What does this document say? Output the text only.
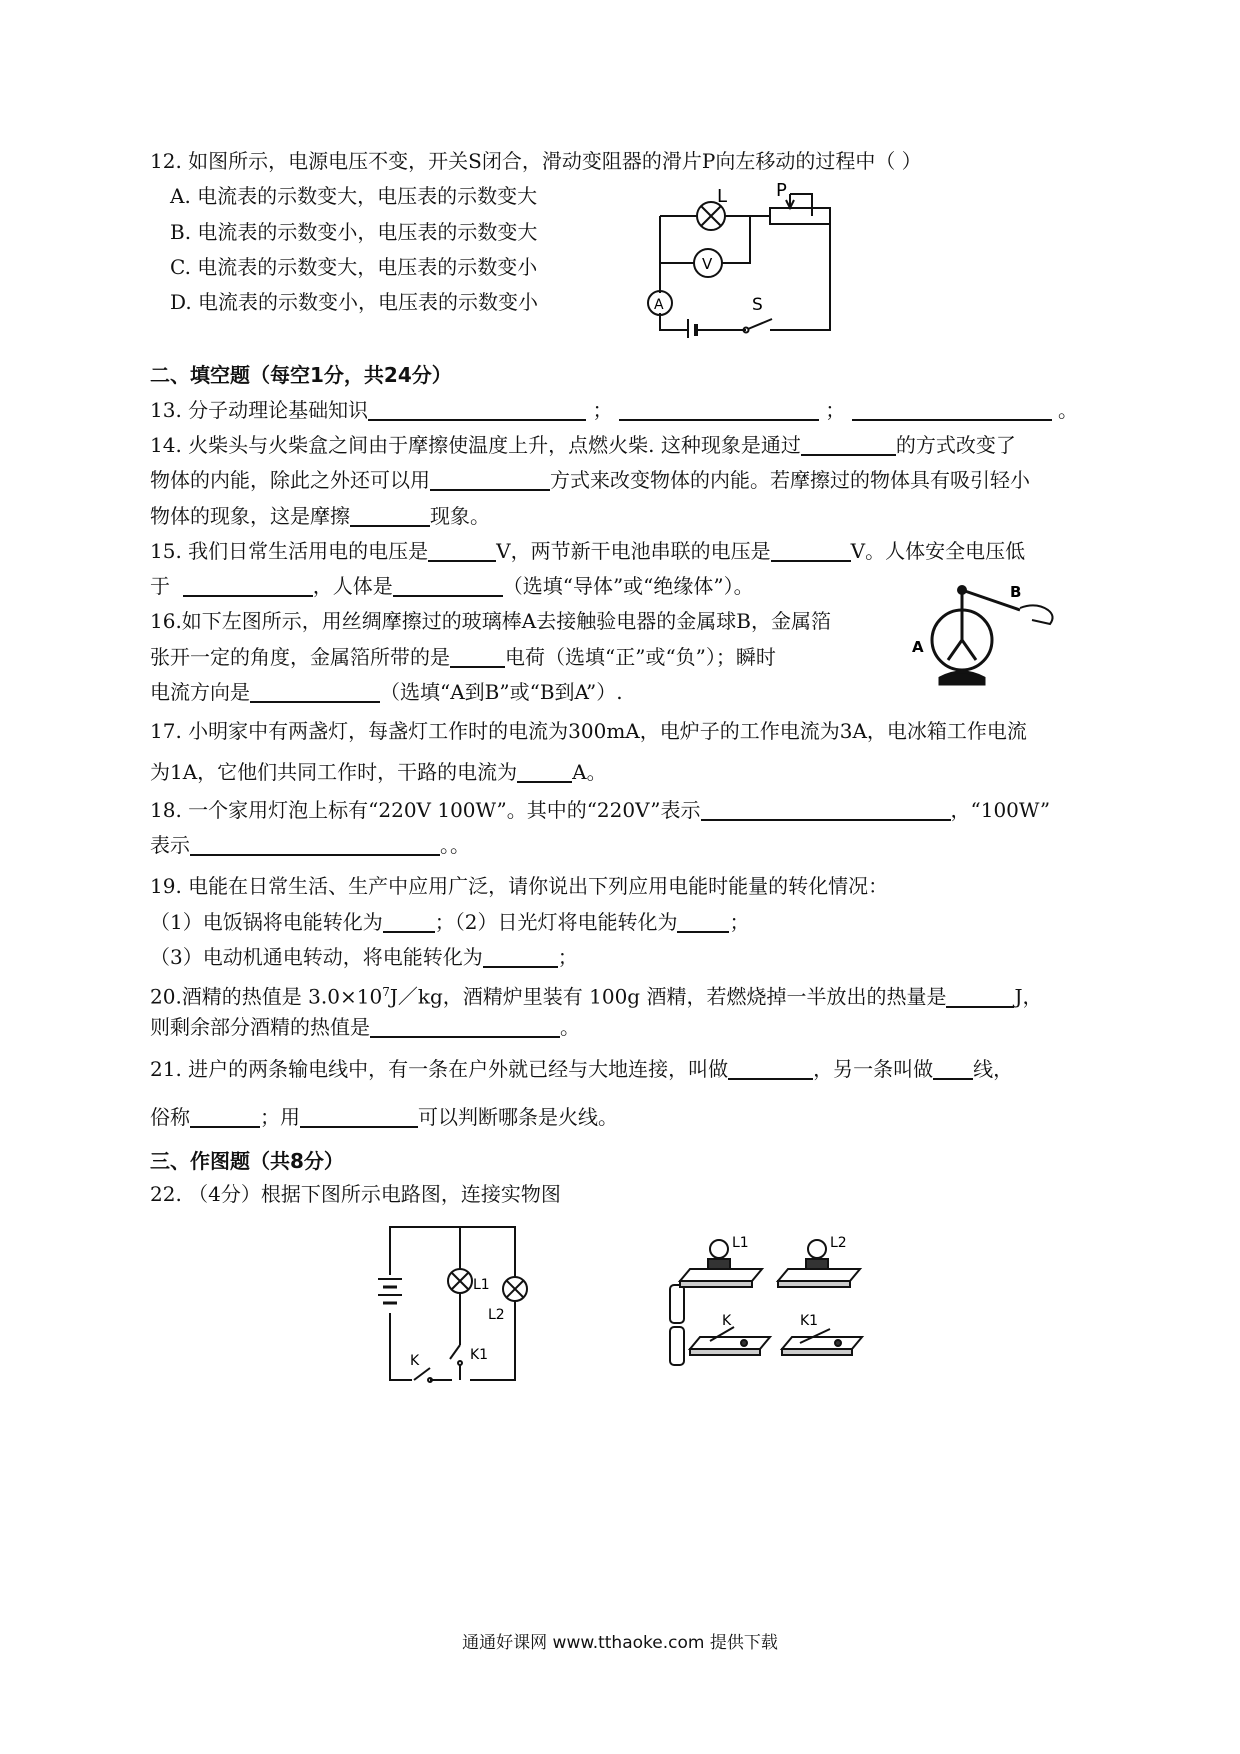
12. 如图所示，电源电压不变，开关S闭合，滑动变阻器的滑片P向左移动的过程中（ ）
A. 电流表的示数变大，电压表的示数变大
B. 电流表的示数变小，电压表的示数变大
C. 电流表的示数变大，电压表的示数变小
D. 电流表的示数变小，电压表的示数变小
L	P
V
A	S
二、填空题（每空1分，共24分）
13. 分子动理论基础知识	；	；	。
14. 火柴头与火柴盒之间由于摩擦使温度上升，点燃火柴. 这种现象是通过	的方式改变了
物体的内能，除此之外还可以用	方式来改变物体的内能。若摩擦过的物体具有吸引轻小
物体的现象，这是摩擦	现象。
15. 我们日常生活用电的电压是	V，两节新干电池串联的电压是	V。人体安全电压低
于	，人体是	（选填“导体”或“绝缘体”）。
16.如下左图所示，用丝绸摩擦过的玻璃棒A去接触验电器的金属球B，金属箔
张开一定的角度，金属箔所带的是	电荷（选填“正”或“负”）；瞬时
电流方向是	（选填“A到B”或“B到A”）.
B
A
17. 小明家中有两盏灯，每盏灯工作时的电流为300mA，电炉子的工作电流为3A，电冰箱工作电流
为1A，它他们共同工作时，干路的电流为	A。
18. 一个家用灯泡上标有“220V 100W”。其中的“220V”表示	，“100W”
表示	。。
19. 电能在日常生活、生产中应用广泛，请你说出下列应用电能时能量的转化情况：
（1）电饭锅将电能转化为	；（2）日光灯将电能转化为	；
（3）电动机通电转动，将电能转化为	；
20.酒精的热值是 $3.0\times 10^7J/kg$，酒精炉里装有 100g 酒精，若燃烧掉一半放出的热量是	J，
则剩余部分酒精的热值是	。
21. 进户的两条输电线中，有一条在户外就已经与大地连接，叫做	，另一条叫做 线，
俗称	；用	可以判断哪条是火线。
三、作图题（共8分）
22. （4分）根据下图所示电路图，连接实物图
L1
L2
K1
K
L1	L2
K	K1
通通好课网 www.tthaoke.com 提供下载
